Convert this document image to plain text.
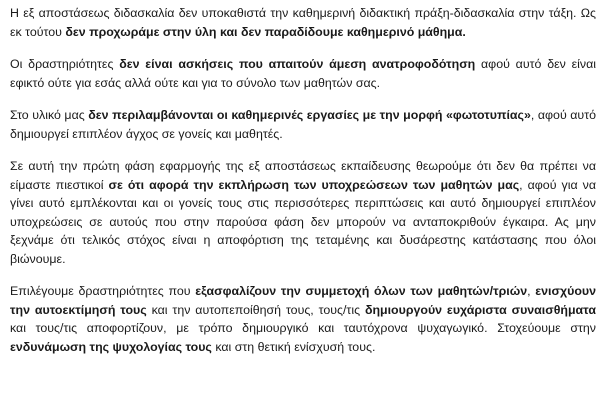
Η εξ αποστάσεως διδασκαλία δεν υποκαθιστά την καθημερινή διδακτική πράξη-διδασκαλία στην τάξη. Ως εκ τούτου δεν προχωράμε στην ύλη και δεν παραδίδουμε καθημερινό μάθημα.

Οι δραστηριότητες δεν είναι ασκήσεις που απαιτούν άμεση ανατροφοδότηση αφού αυτό δεν είναι εφικτό ούτε για εσάς αλλά ούτε και για το σύνολο των μαθητών σας.

Στο υλικό μας δεν περιλαμβάνονται οι καθημερινές εργασίες με την μορφή «φωτοτυπίας», αφού αυτό δημιουργεί επιπλέον άγχος σε γονείς και μαθητές.

Σε αυτή την πρώτη φάση εφαρμογής της εξ αποστάσεως εκπαίδευσης θεωρούμε ότι δεν θα πρέπει να είμαστε πιεστικοί σε ότι αφορά την εκπλήρωση των υποχρεώσεων των μαθητών μας, αφού για να γίνει αυτό εμπλέκονται και οι γονείς τους στις περισσότερες περιπτώσεις και αυτό δημιουργεί επιπλέον υποχρεώσεις σε αυτούς που στην παρούσα φάση δεν μπορούν να ανταποκριθούν έγκαιρα. Ας μην ξεχνάμε ότι τελικός στόχος είναι η αποφόρτιση της τεταμένης και δυσάρεστης κατάστασης που όλοι βιώνουμε.

Επιλέγουμε δραστηριότητες που εξασφαλίζουν την συμμετοχή όλων των μαθητών/τριών, ενισχύουν την αυτοεκτίμησή τους και την αυτοπεποίθησή τους, τους/τις δημιουργούν ευχάριστα συναισθήματα και τους/τις αποφορτίζουν, με τρόπο δημιουργικό και ταυτόχρονα ψυχαγωγικό. Στοχεύουμε στην ενδυνάμωση της ψυχολογίας τους και στη θετική ενίσχυσή τους.
